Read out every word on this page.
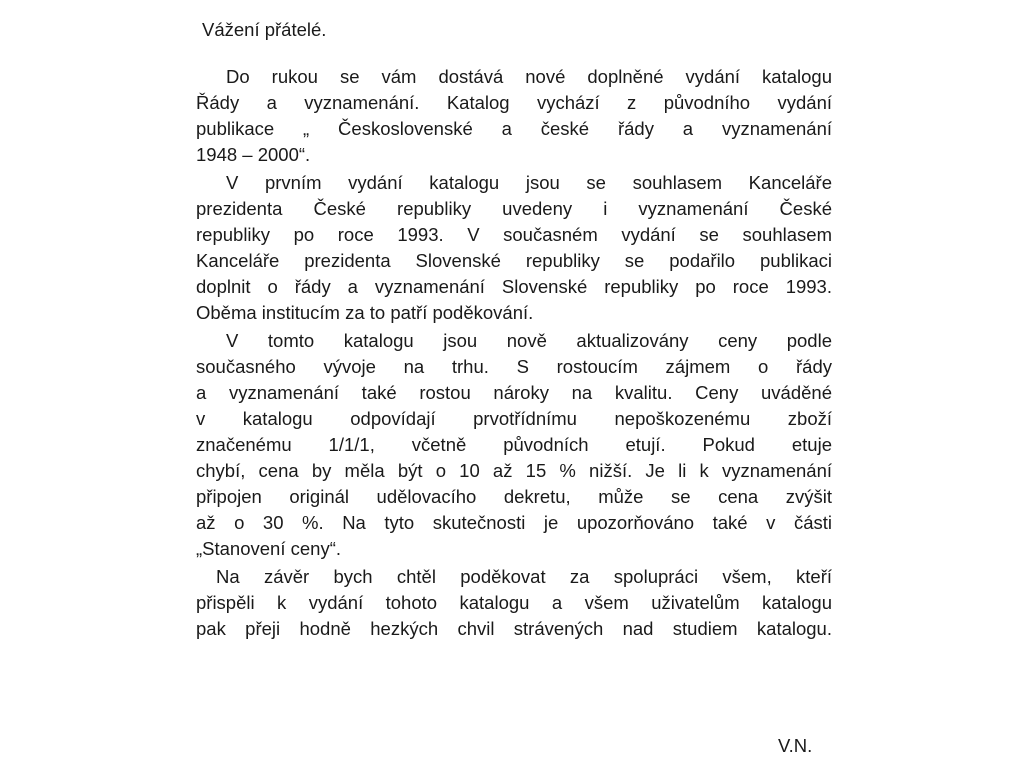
Vážení přátelé.
Do rukou se vám dostává nové doplněné vydání katalogu
Řády a vyznamenání. Katalog vychází z původního vydání
publikace „ Československé a české řády a vyznamenání
1948 – 2000“.
V prvním vydání katalogu jsou se souhlasem Kanceláře
prezidenta České republiky uvedeny i vyznamenání České
republiky po roce 1993. V současném vydání se souhlasem
Kanceláře prezidenta Slovenské republiky se podařilo publikaci
doplnit o řády a vyznamenání Slovenské republiky po roce 1993.
Oběma institucím za to patří poděkování.
V tomto katalogu jsou nově aktualizovány ceny podle
současného vývoje na trhu. S rostoucím zájmem o řády
a vyznamenání také rostou nároky na kvalitu. Ceny uváděné
v katalogu odpovídají prvotřídnímu nepoškozenému zboží
značenému 1/1/1, včetně původních etují. Pokud etuje
chybí, cena by měla být o 10 až 15 % nižší. Je li k vyznamenání
připojen originál udělovacího dekretu, může se cena zvýšit
až o 30 %. Na tyto skutečnosti je upozorňováno také v části
„Stanovení ceny“.
Na závěr bych chtěl poděkovat za spolupráci všem, kteří
přispěli k vydání tohoto katalogu a všem uživatelům katalogu
pak přeji hodně hezkých chvil strávených nad studiem katalogu.
V.N.
